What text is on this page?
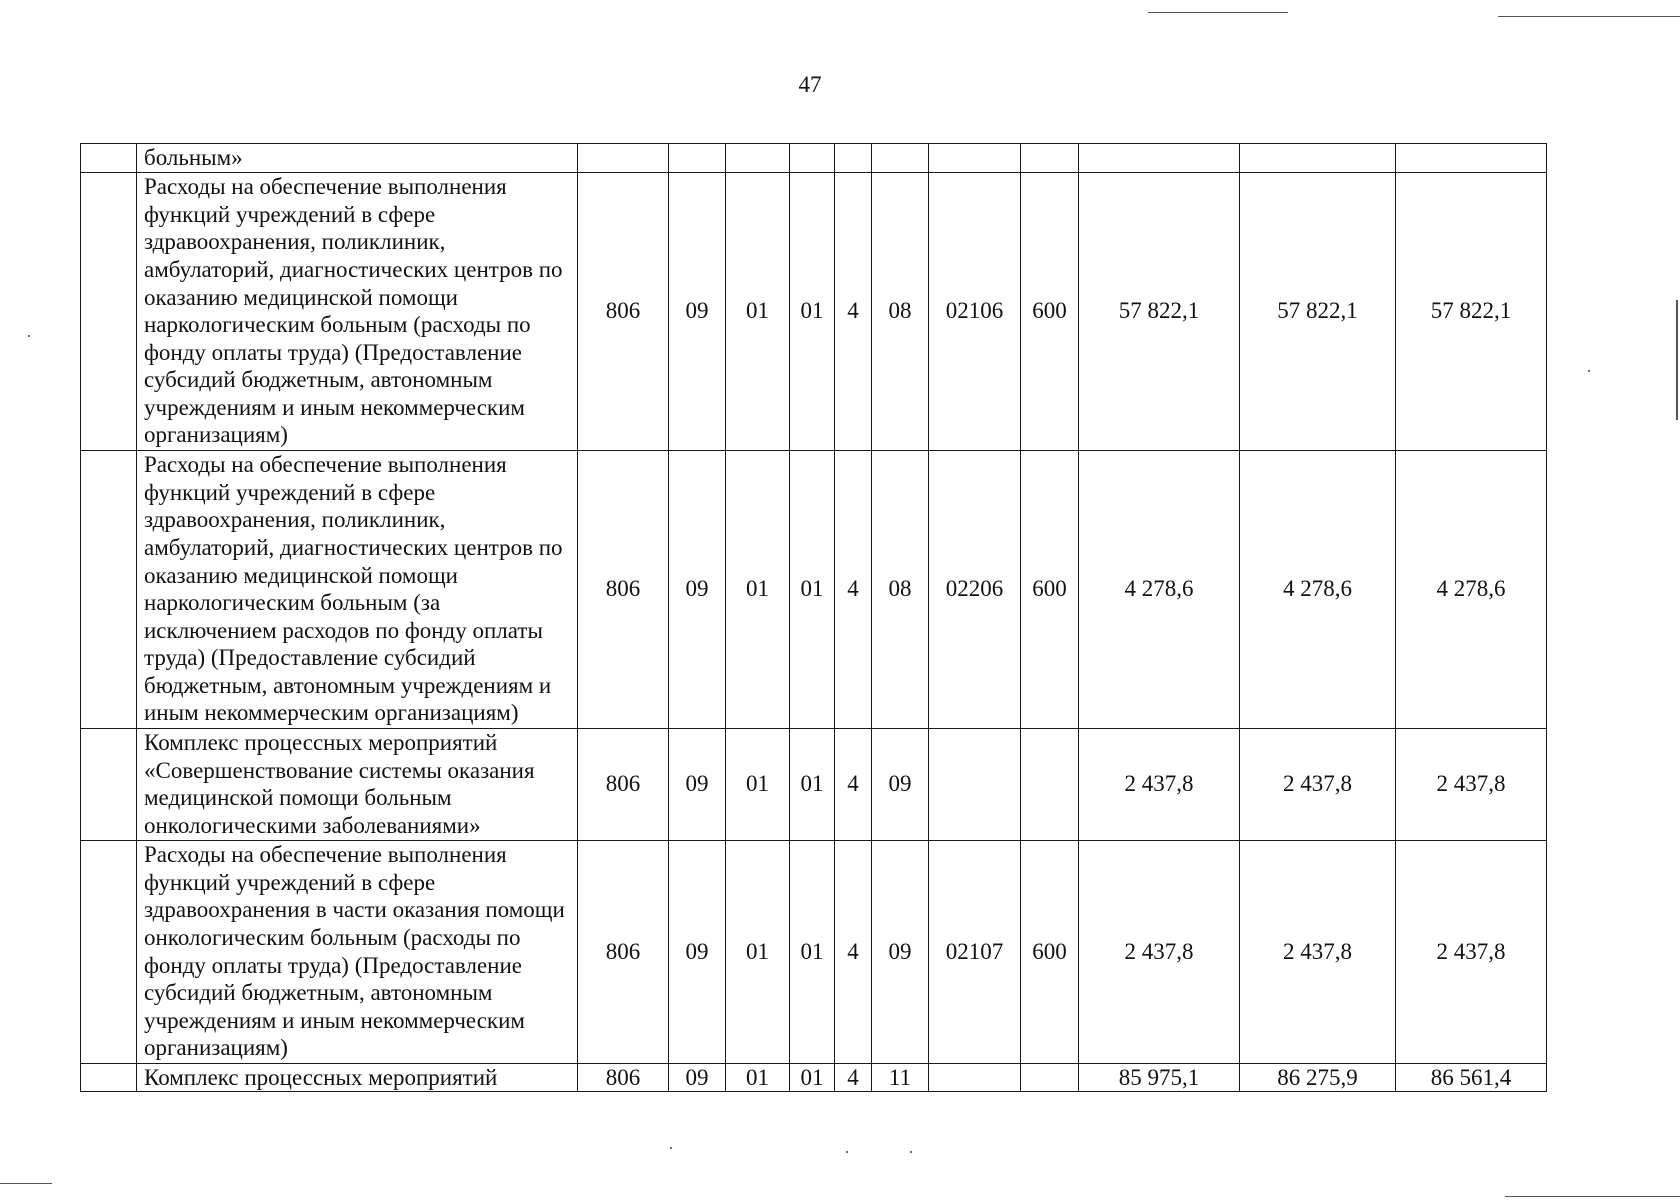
47
	больным»											
	Расходы на обеспечение выполнения функций учреждений в сфере здравоохранения, поликлиник, амбулаторий, диагностических центров по оказанию медицинской помощи наркологическим больным (расходы по фонду оплаты труда) (Предоставление субсидий бюджетным, автономным учреждениям и иным некоммерческим организациям)	806	09	01	01	4	08	02106	600	57 822,1	57 822,1	57 822,1
	Расходы на обеспечение выполнения функций учреждений в сфере здравоохранения, поликлиник, амбулаторий, диагностических центров по оказанию медицинской помощи наркологическим больным (за исключением расходов по фонду оплаты труда) (Предоставление субсидий бюджетным, автономным учреждениям и иным некоммерческим организациям)	806	09	01	01	4	08	02206	600	4 278,6	4 278,6	4 278,6
	Комплекс процессных мероприятий «Совершенствование системы оказания медицинской помощи больным онкологическими заболеваниями»	806	09	01	01	4	09			2 437,8	2 437,8	2 437,8
	Расходы на обеспечение выполнения функций учреждений в сфере здравоохранения в части оказания помощи онкологическим больным (расходы по фонду оплаты труда) (Предоставление субсидий бюджетным, автономным учреждениям и иным некоммерческим организациям)	806	09	01	01	4	09	02107	600	2 437,8	2 437,8	2 437,8
	Комплекс процессных мероприятий	806	09	01	01	4	11			85 975,1	86 275,9	86 561,4
